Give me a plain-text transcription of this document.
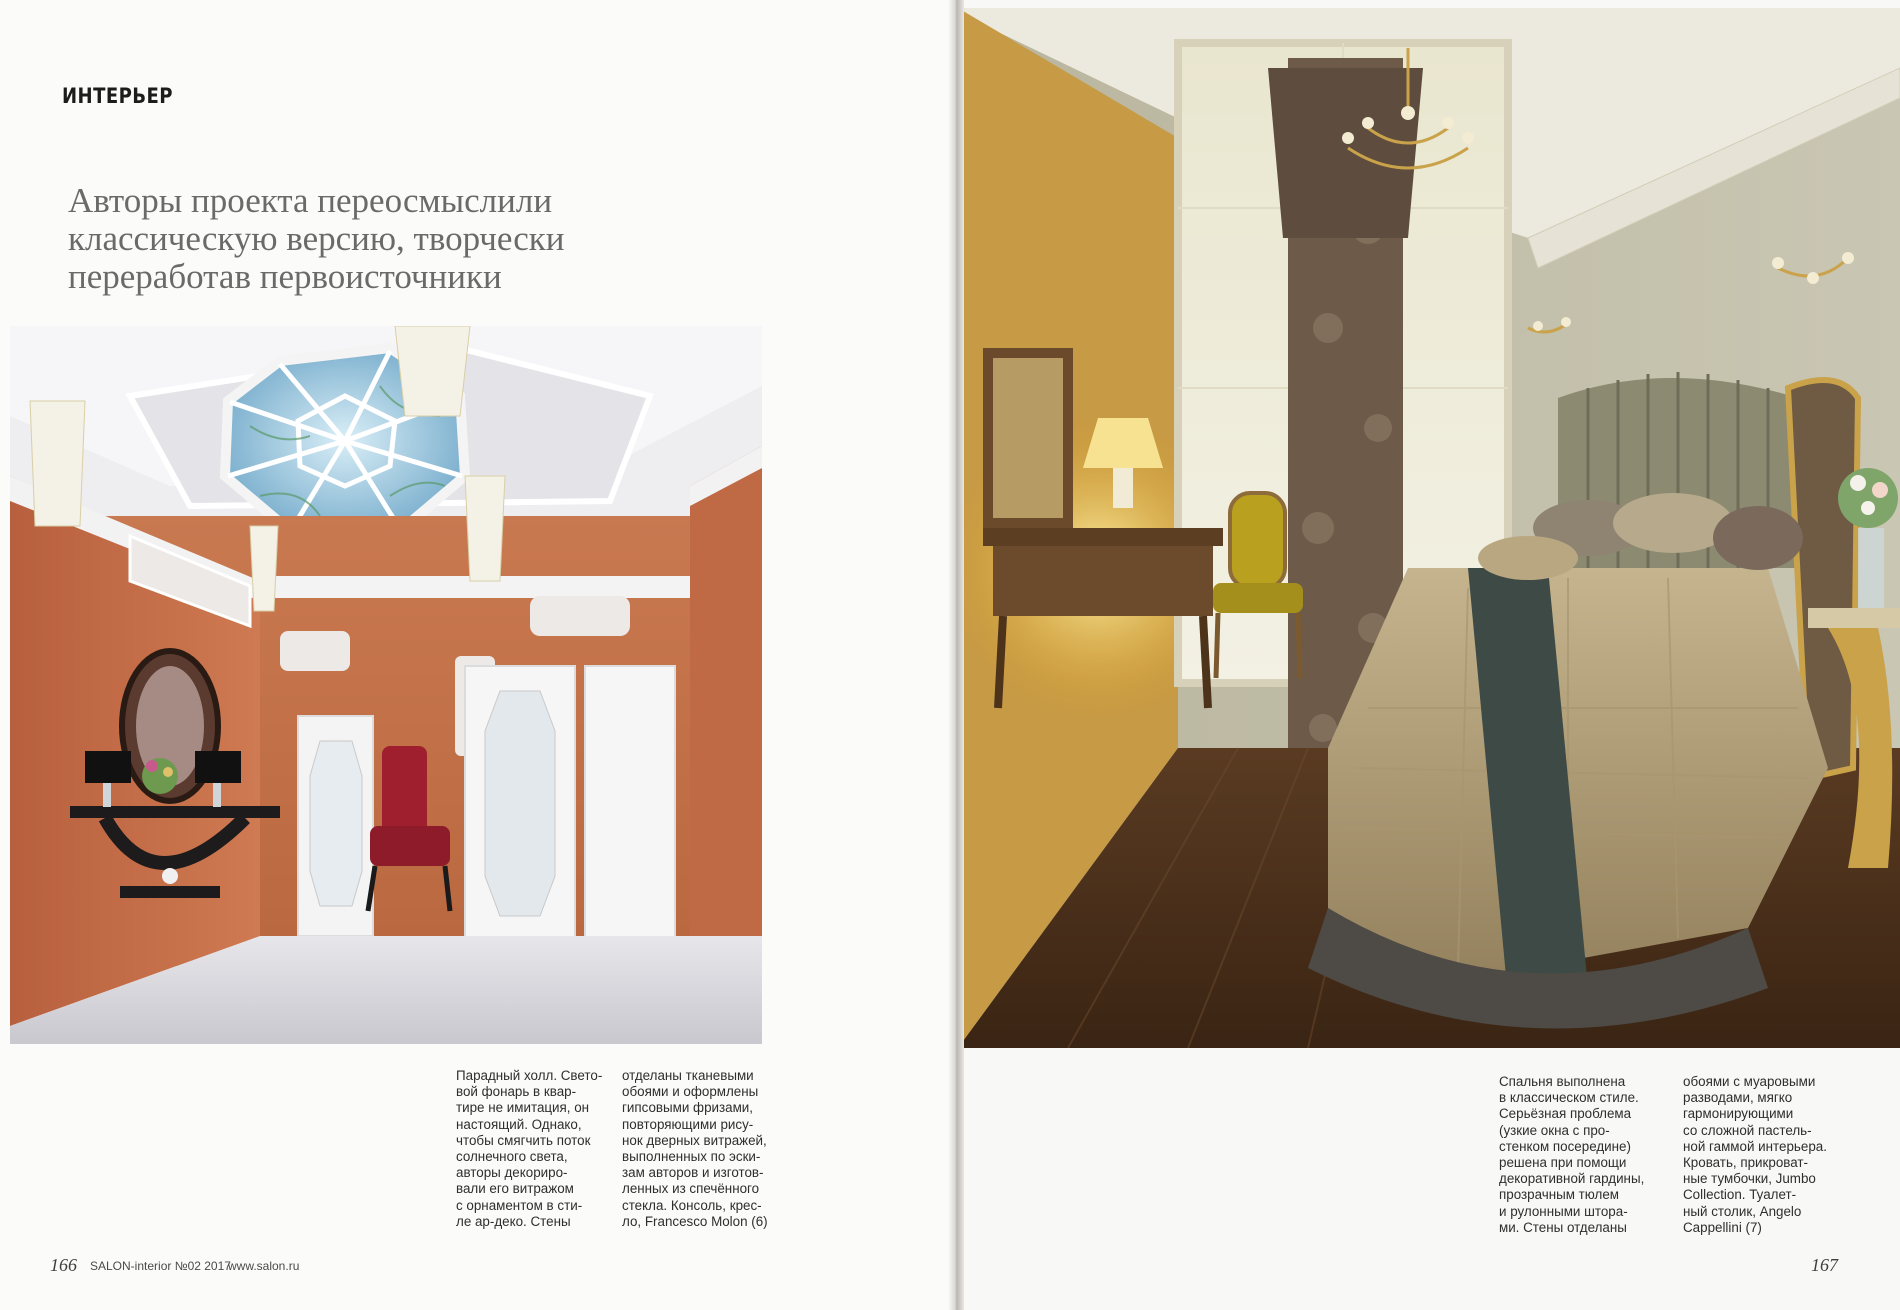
ИНТЕРЬЕР
Авторы проекта переосмыслили
классическую версию, творчески
переработав первоисточники
Парадный холл. Свето-
вой фонарь в квар-
тире не имитация, он
настоящий. Однако,
чтобы смягчить поток
солнечного света,
авторы декориро-
вали его витражом
с орнаментом в сти-
ле ар-деко. Стены
отделаны тканевыми
обоями и оформлены
гипсовыми фризами,
повторяющими рису-
нок дверных витражей,
выполненных по эски-
зам авторов и изготов-
ленных из спечённого
стекла. Консоль, крес-
ло, Francesco Molon (6)
166 SALON-interior №02 2017
www.salon.ru
Спальня выполнена
в классическом стиле.
Серьёзная проблема
(узкие окна с про-
стенком посередине)
решена при помощи
декоративной гардины,
прозрачным тюлем
и рулонными штора-
ми. Стены отделаны
обоями с муаровыми
разводами, мягко
гармонирующими
со сложной пастель-
ной гаммой интерьера.
Кровать, прикроват-
ные тумбочки, Jumbo
Collection. Туалет-
ный столик, Angelo
Cappellini (7)
167
